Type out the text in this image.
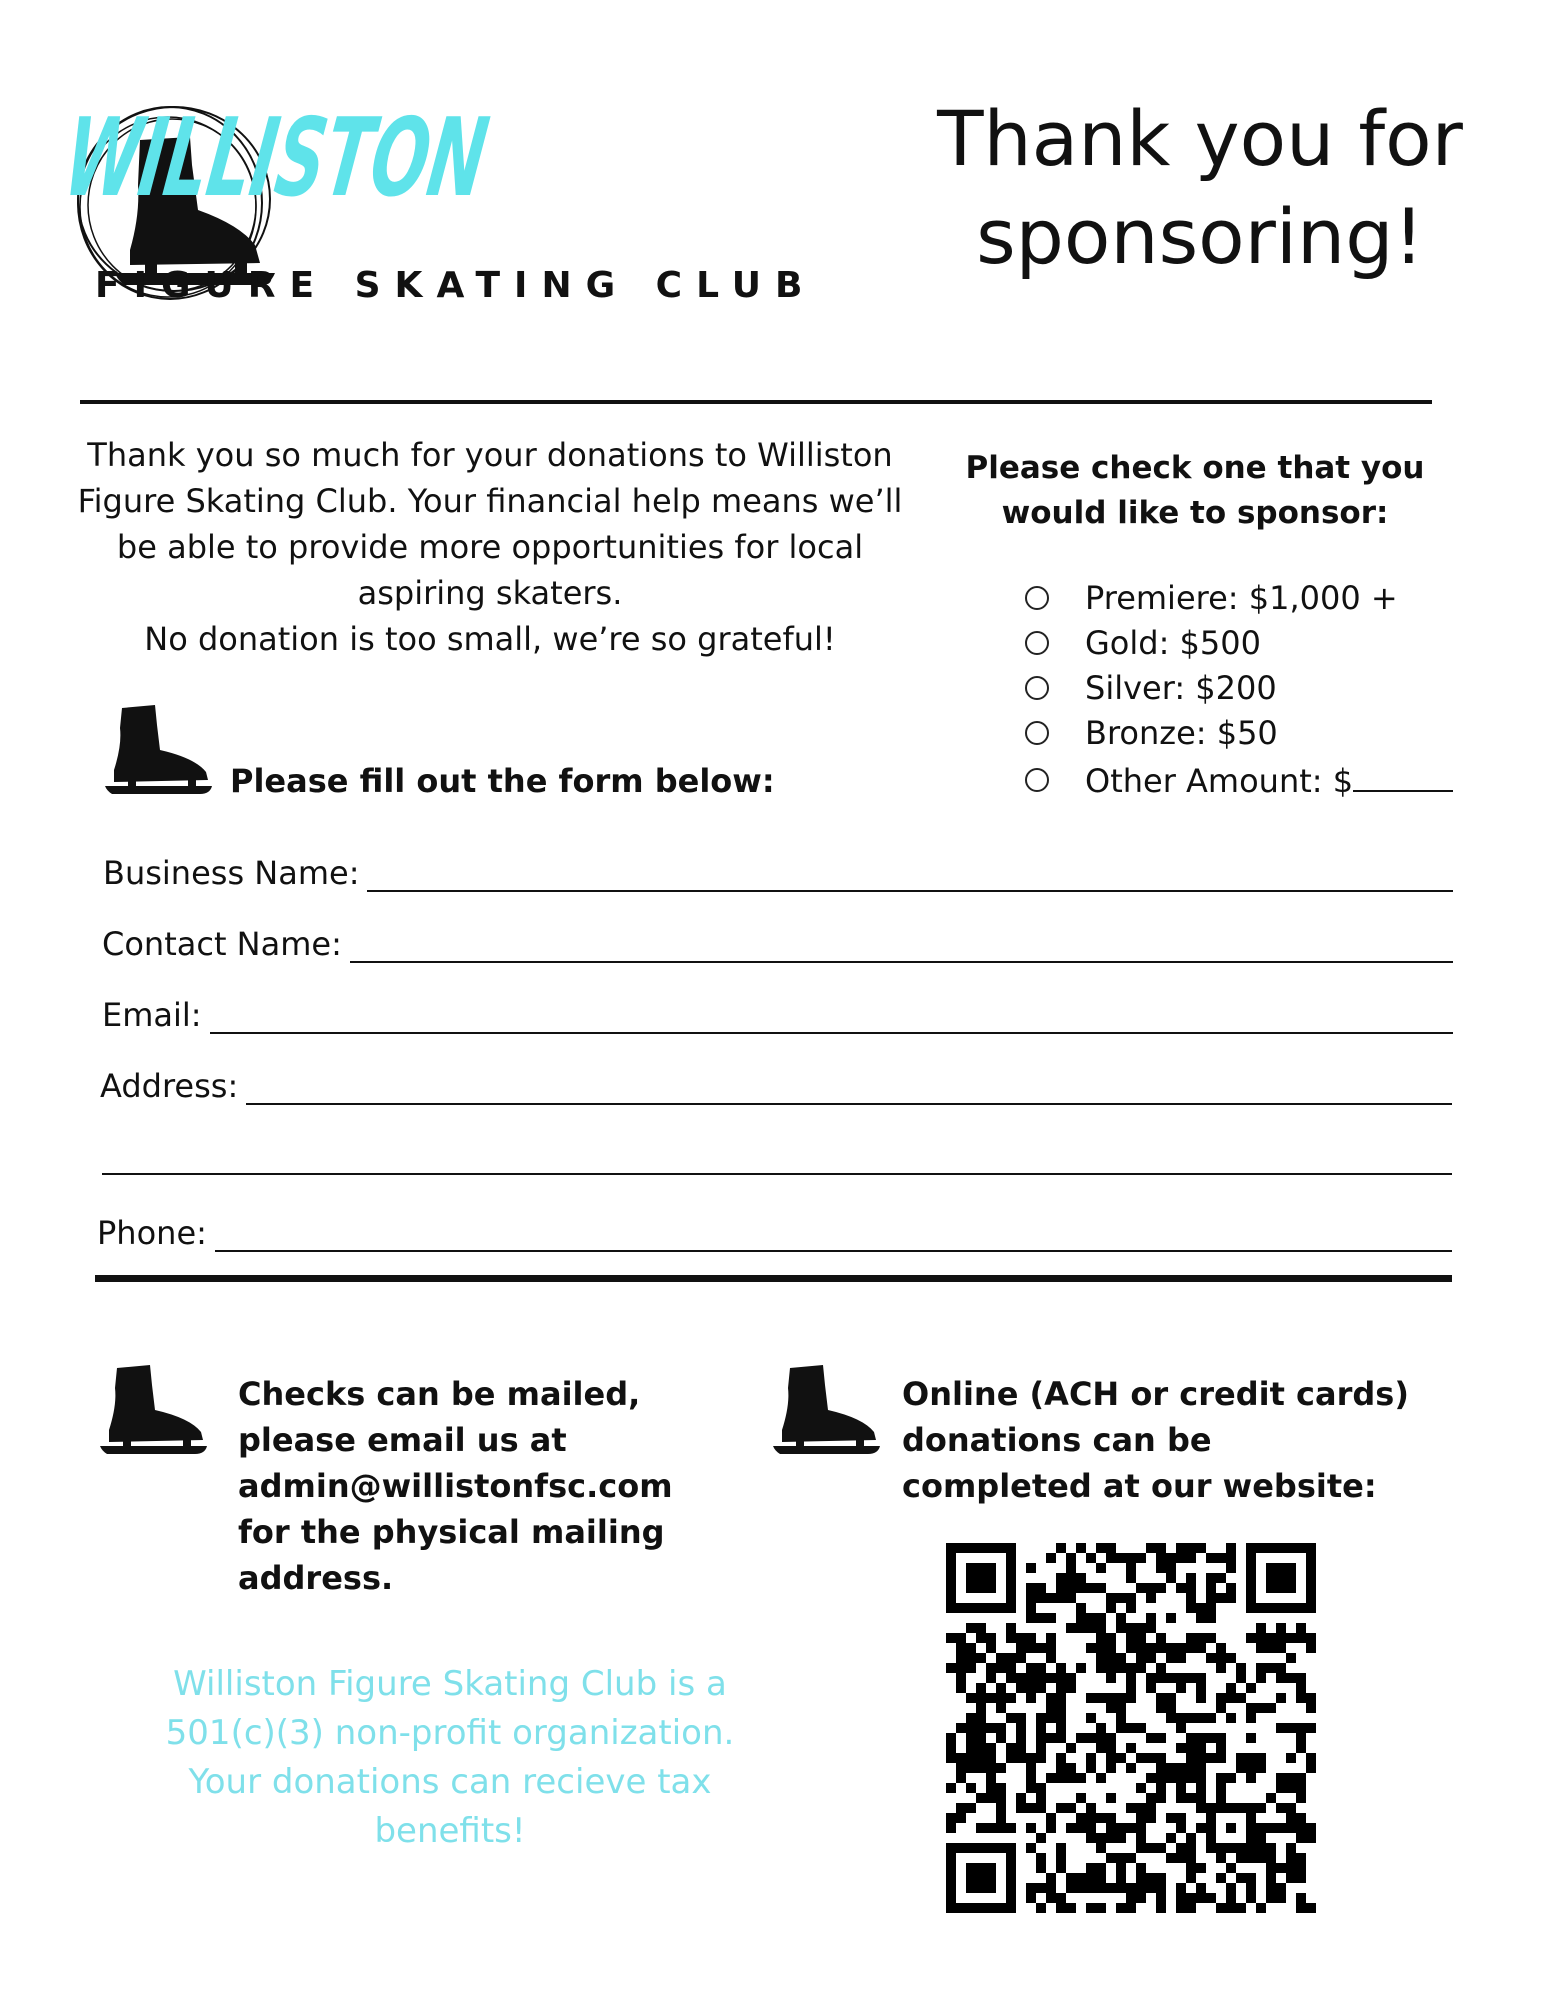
WILLISTON
FIGURE SKATING CLUB
Thank you for sponsoring!
Thank you so much for your donations to Williston
Figure Skating Club. Your financial help means we’ll
be able to provide more opportunities for local
aspiring skaters.
No donation is too small, we’re so grateful!
Please check one that you
would like to sponsor:
Premiere: $1,000 +
Gold: $500
Silver: $200
Bronze: $50
Other Amount: $
Please fill out the form below:
Business Name:
Contact Name:
Email:
Address:
Phone:
Checks can be mailed,
please email us at
admin@willistonfsc.com
for the physical mailing
address.
Online (ACH or credit cards)
donations can be
completed at our website:
Williston Figure Skating Club is a
501(c)(3) non-profit organization.
Your donations can recieve tax
benefits!
